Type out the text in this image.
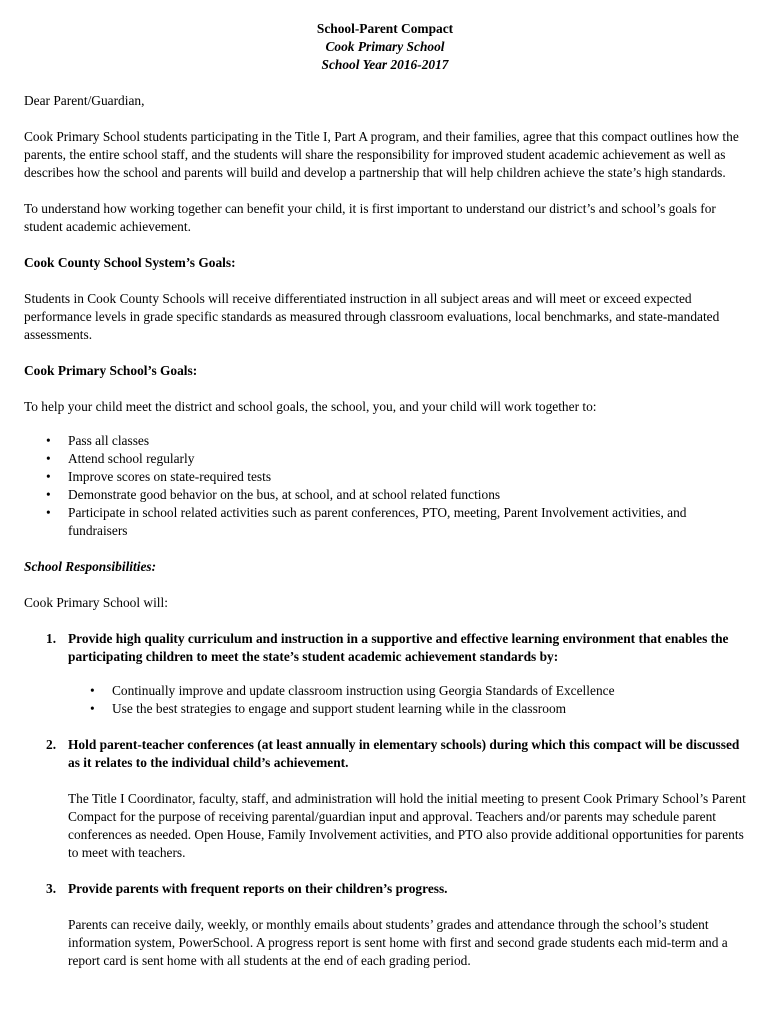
School-Parent Compact
Cook Primary School
School Year 2016-2017

Dear Parent/Guardian,

Cook Primary School students participating in the Title I, Part A program, and their families, agree that this compact outlines how the parents, the entire school staff, and the students will share the responsibility for improved student academic achievement as well as describes how the school and parents will build and develop a partnership that will help children achieve the state’s high standards.

To understand how working together can benefit your child, it is first important to understand our district’s and school’s goals for student academic achievement.

Cook County School System’s Goals:

Students in Cook County Schools will receive differentiated instruction in all subject areas and will meet or exceed expected performance levels in grade specific standards as measured through classroom evaluations, local benchmarks, and state-mandated assessments.

Cook Primary School’s Goals:

To help your child meet the district and school goals, the school, you, and your child will work together to:

• Pass all classes
• Attend school regularly
• Improve scores on state-required tests
• Demonstrate good behavior on the bus, at school, and at school related functions
• Participate in school related activities such as parent conferences, PTO, meeting, Parent Involvement activities, and fundraisers

School Responsibilities:

Cook Primary School will:

1. Provide high quality curriculum and instruction in a supportive and effective learning environment that enables the participating children to meet the state’s student academic achievement standards by:
• Continually improve and update classroom instruction using Georgia Standards of Excellence
• Use the best strategies to engage and support student learning while in the classroom
2. Hold parent-teacher conferences (at least annually in elementary schools) during which this compact will be discussed as it relates to the individual child’s achievement.
The Title I Coordinator, faculty, staff, and administration will hold the initial meeting to present Cook Primary School’s Parent Compact for the purpose of receiving parental/guardian input and approval. Teachers and/or parents may schedule parent conferences as needed. Open House, Family Involvement activities, and PTO also provide additional opportunities for parents to meet with teachers.
3. Provide parents with frequent reports on their children’s progress.
Parents can receive daily, weekly, or monthly emails about students’ grades and attendance through the school’s student information system, PowerSchool. A progress report is sent home with first and second grade students each mid-term and a report card is sent home with all students at the end of each grading period.
